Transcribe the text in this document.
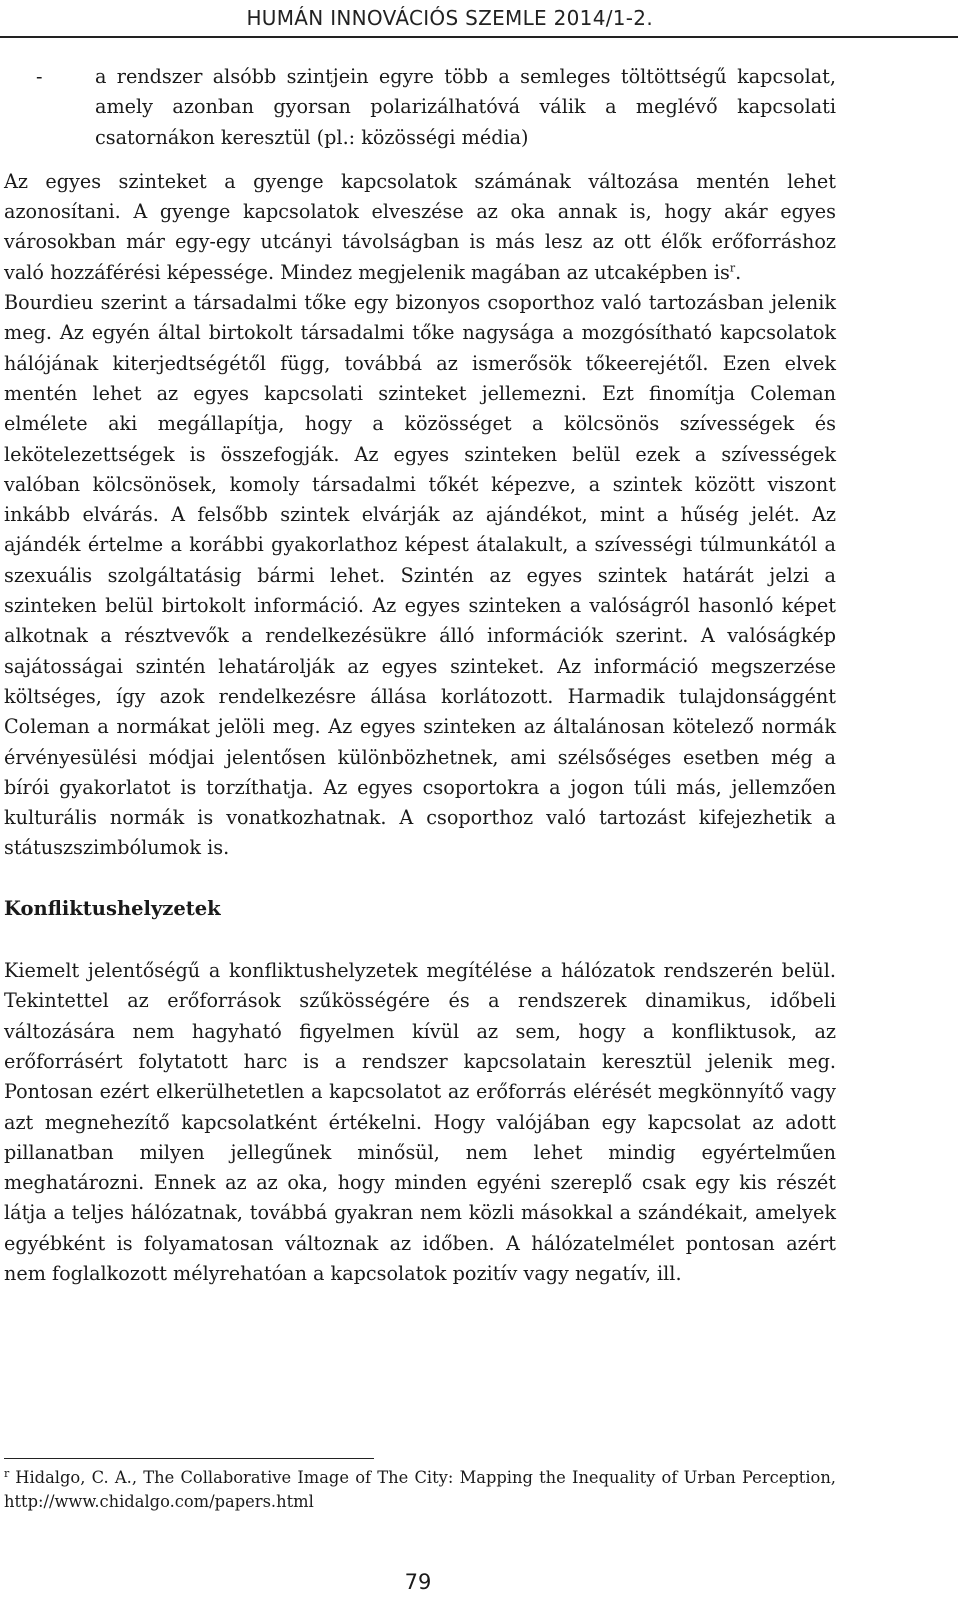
HUMÁN INNOVÁCIÓS SZEMLE 2014/1-2.
-	a rendszer alsóbb szintjein egyre több a semleges töltöttségű kapcsolat, amely azonban gyorsan polarizálhatóvá válik a meglévő kapcsolati csatornákon keresztül (pl.: közösségi média)

Az egyes szinteket a gyenge kapcsolatok számának változása mentén lehet azonosítani. A gyenge kapcsolatok elveszése az oka annak is, hogy akár egyes városokban már egy-egy utcányi távolságban is más lesz az ott élők erőforráshoz való hozzáférési képessége. Mindez megjelenik magában az utcaképben is$^r$.

Bourdieu szerint a társadalmi tőke egy bizonyos csoporthoz való tartozásban jelenik meg. Az egyén által birtokolt társadalmi tőke nagysága a mozgósítható kapcsolatok hálójának kiterjedtségétől függ, továbbá az ismerősök tőkeerejétől. Ezen elvek mentén lehet az egyes kapcsolati szinteket jellemezni. Ezt finomítja Coleman elmélete aki megállapítja, hogy a közösséget a kölcsönös szívességek és lekötelezettségek is összefogják. Az egyes szinteken belül ezek a szívességek valóban kölcsönösek, komoly társadalmi tőkét képezve, a szintek között viszont inkább elvárás. A felsőbb szintek elvárják az ajándékot, mint a hűség jelét. Az ajándék értelme a korábbi gyakorlathoz képest átalakult, a szívességi túlmunkától a szexuális szolgáltatásig bármi lehet. Szintén az egyes szintek határát jelzi a szinteken belül birtokolt információ. Az egyes szinteken a valóságról hasonló képet alkotnak a résztvevők a rendelkezésükre álló információk szerint. A valóságkép sajátosságai szintén lehatárolják az egyes szinteket. Az információ megszerzése költséges, így azok rendelkezésre állása korlátozott. Harmadik tulajdonsággént Coleman a normákat jelöli meg. Az egyes szinteken az általánosan kötelező normák érvényesülési módjai jelentősen különbözhetnek, ami szélsőséges esetben még a bírói gyakorlatot is torzíthatja. Az egyes csoportokra a jogon túli más, jellemzően kulturális normák is vonatkozhatnak. A csoporthoz való tartozást kifejezhetik a státuszszimbólumok is.

Konfliktushelyzetek

Kiemelt jelentőségű a konfliktushelyzetek megítélése a hálózatok rendszerén belül. Tekintettel az erőforrások szűkösségére és a rendszerek dinamikus, időbeli változására nem hagyható figyelmen kívül az sem, hogy a konfliktusok, az erőforrásért folytatott harc is a rendszer kapcsolatain keresztül jelenik meg. Pontosan ezért elkerülhetetlen a kapcsolatot az erőforrás elérését megkönnyítő vagy azt megnehezítő kapcsolatként értékelni. Hogy valójában egy kapcsolat az adott pillanatban milyen jellegűnek minősül, nem lehet mindig egyértelműen meghatározni. Ennek az az oka, hogy minden egyéni szereplő csak egy kis részét látja a teljes hálózatnak, továbbá gyakran nem közli másokkal a szándékait, amelyek egyébként is folyamatosan változnak az időben. A hálózatelmélet pontosan azért nem foglalkozott mélyrehatóan a kapcsolatok pozitív vagy negatív, ill.

$^r$ Hidalgo, C. A., The Collaborative Image of The City: Mapping the Inequality of Urban Perception, http://www.chidalgo.com/papers.html
79
